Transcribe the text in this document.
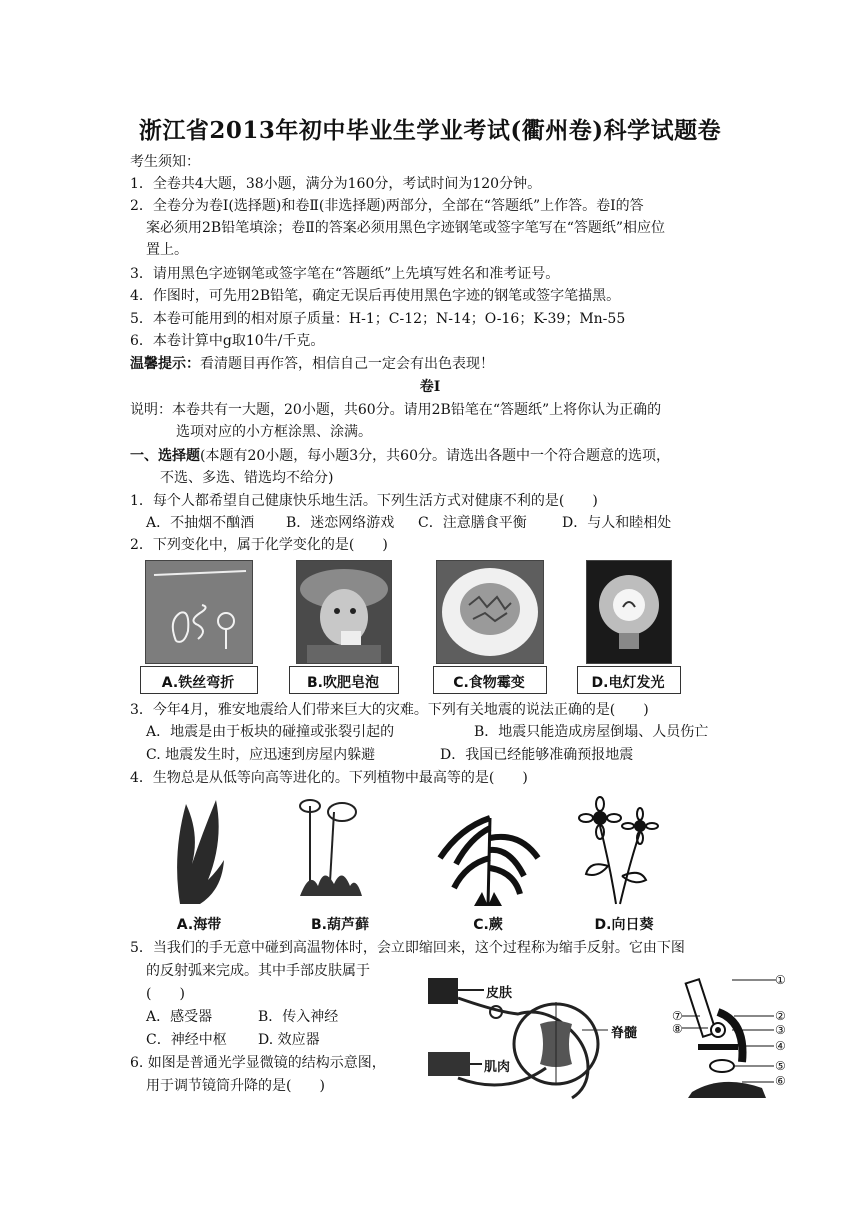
浙江省2013年初中毕业生学业考试(衢州卷)科学试题卷
考生须知：
1．全卷共4大题，38小题，满分为160分，考试时间为120分钟。
2．全卷分为卷Ⅰ(选择题)和卷Ⅱ(非选择题)两部分，全部在“答题纸”上作答。卷Ⅰ的答
案必须用2B铅笔填涂；卷Ⅱ的答案必须用黑色字迹钢笔或签字笔写在“答题纸”相应位
置上。
3．请用黑色字迹钢笔或签字笔在“答题纸”上先填写姓名和准考证号。
4．作图时，可先用2B铅笔，确定无误后再使用黑色字迹的钢笔或签字笔描黑。
5．本卷可能用到的相对原子质量：H-1；C-12；N-14；O-16；K-39；Mn-55
6．本卷计算中g取10牛/千克。
温馨提示：看清题目再作答，相信自己一定会有出色表现！
卷Ⅰ
说明：本卷共有一大题，20小题，共60分。请用2B铅笔在“答题纸”上将你认为正确的
选项对应的小方框涂黑、涂满。
一、选择题(本题有20小题，每小题3分，共60分。请选出各题中一个符合题意的选项，
不选、多选、错选均不给分)
1．每个人都希望自己健康快乐地生活。下列生活方式对健康不利的是(　　)
A．不抽烟不酗酒 B．迷恋网络游戏 C．注意膳食平衡	D．与人和睦相处
2．下列变化中，属于化学变化的是(　　)
A.铁丝弯折	B.吹肥皂泡	C.食物霉变	D.电灯发光
3．今年4月，雅安地震给人们带来巨大的灾难。下列有关地震的说法正确的是(　　)
A．地震是由于板块的碰撞或张裂引起的	B．地震只能造成房屋倒塌、人员伤亡
C. 地震发生时，应迅速到房屋内躲避	D．我国已经能够准确预报地震
4．生物总是从低等向高等进化的。下列植物中最高等的是(　　)
A.海带	B.葫芦藓	C.蕨	D.向日葵
5．当我们的手无意中碰到高温物体时，会立即缩回来，这个过程称为缩手反射。它由下图
的反射弧来完成。其中手部皮肤属于
(　　)
A．感受器	B．传入神经
C．神经中枢 D. 效应器
皮肤
脊髓
肌肉
6. 如图是普通光学显微镜的结构示意图，
用于调节镜筒升降的是(　　)
①
②
③
④
⑤
⑥
⑦
⑧
